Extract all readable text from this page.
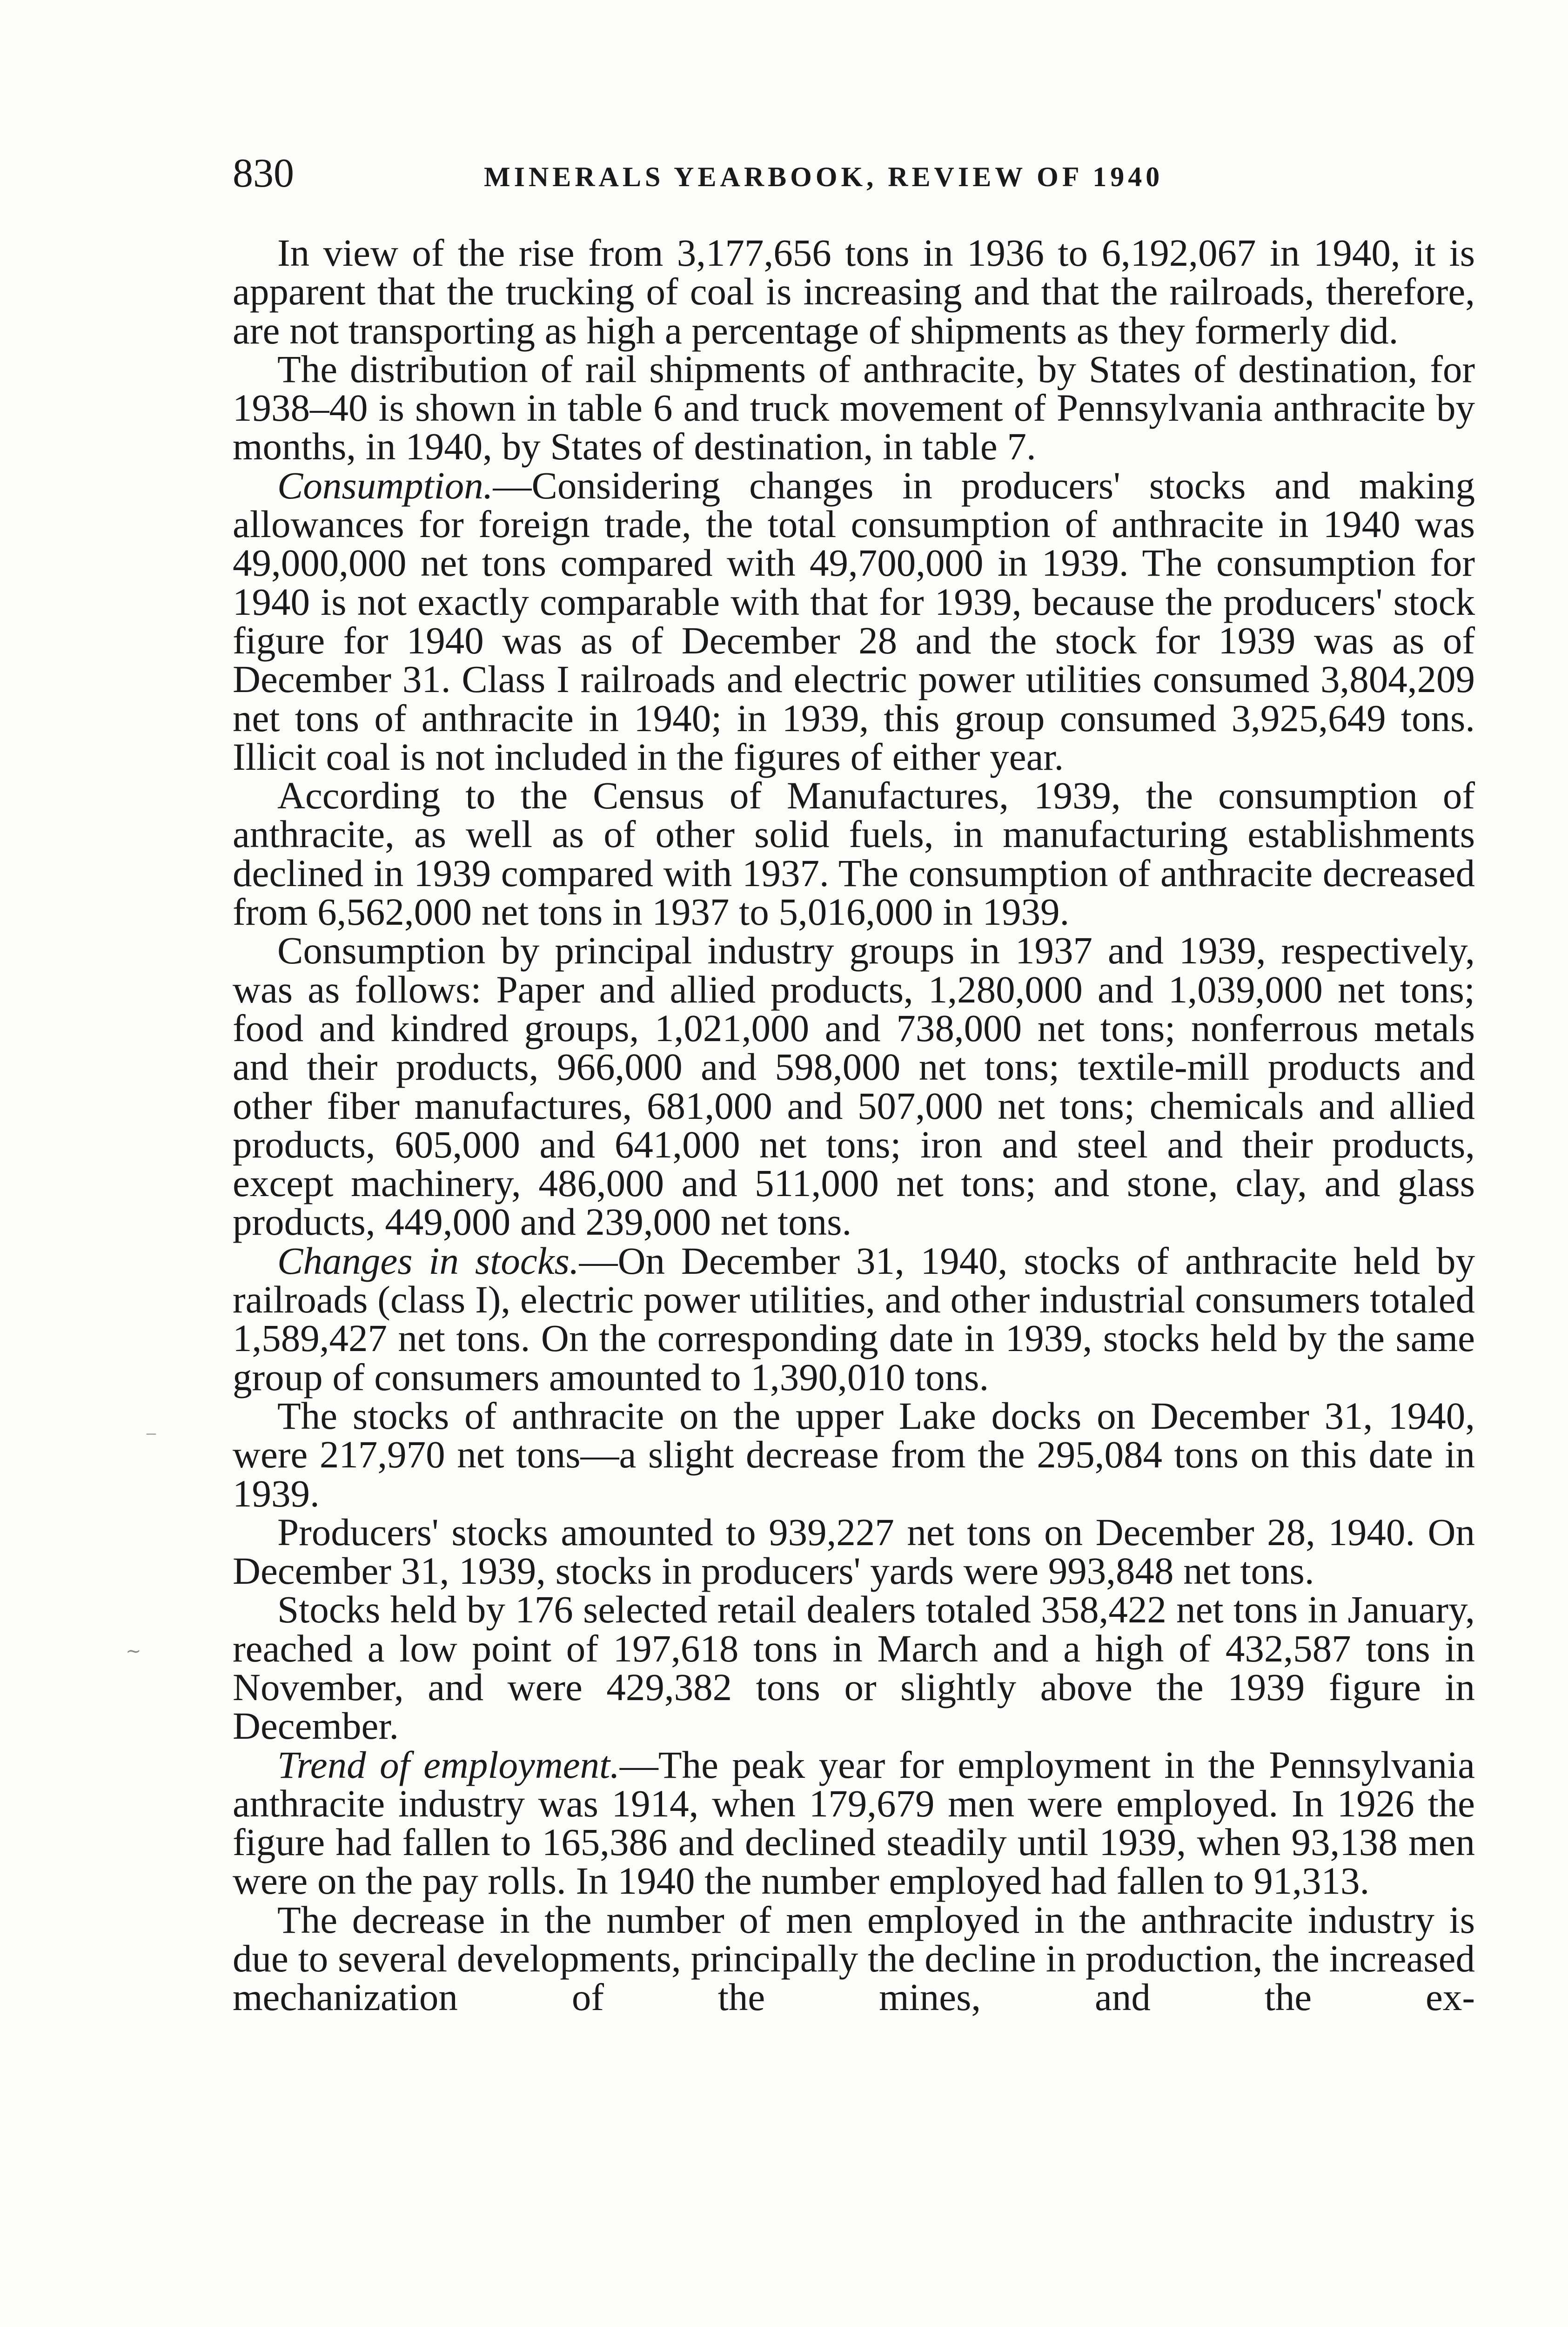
830	MINERALS YEARBOOK, REVIEW OF 1940
–
∼

In view of the rise from 3,177,656 tons in 1936 to 6,192,067 in 1940, it is apparent that the trucking of coal is increasing and that the railroads, therefore, are not transporting as high a percentage of shipments as they formerly did.

The distribution of rail shipments of anthracite, by States of destination, for 1938–40 is shown in table 6 and truck movement of Pennsylvania anthracite by months, in 1940, by States of destination, in table 7.

Consumption.—Considering changes in producers' stocks and making allowances for foreign trade, the total consumption of anthracite in 1940 was 49,000,000 net tons compared with 49,700,000 in 1939. The consumption for 1940 is not exactly comparable with that for 1939, because the producers' stock figure for 1940 was as of December 28 and the stock for 1939 was as of December 31. Class I railroads and electric power utilities consumed 3,804,209 net tons of anthracite in 1940; in 1939, this group consumed 3,925,649 tons. Illicit coal is not included in the figures of either year.

According to the Census of Manufactures, 1939, the consumption of anthracite, as well as of other solid fuels, in manufacturing establishments declined in 1939 compared with 1937. The consumption of anthracite decreased from 6,562,000 net tons in 1937 to 5,016,000 in 1939.

Consumption by principal industry groups in 1937 and 1939, respectively, was as follows: Paper and allied products, 1,280,000 and 1,039,000 net tons; food and kindred groups, 1,021,000 and 738,000 net tons; nonferrous metals and their products, 966,000 and 598,000 net tons; textile-mill products and other fiber manufactures, 681,000 and 507,000 net tons; chemicals and allied products, 605,000 and 641,000 net tons; iron and steel and their products, except machinery, 486,000 and 511,000 net tons; and stone, clay, and glass products, 449,000 and 239,000 net tons.

Changes in stocks.—On December 31, 1940, stocks of anthracite held by railroads (class I), electric power utilities, and other industrial consumers totaled 1,589,427 net tons. On the corresponding date in 1939, stocks held by the same group of consumers amounted to 1,390,010 tons.

The stocks of anthracite on the upper Lake docks on December 31, 1940, were 217,970 net tons—a slight decrease from the 295,084 tons on this date in 1939.

Producers' stocks amounted to 939,227 net tons on December 28, 1940. On December 31, 1939, stocks in producers' yards were 993,848 net tons.

Stocks held by 176 selected retail dealers totaled 358,422 net tons in January, reached a low point of 197,618 tons in March and a high of 432,587 tons in November, and were 429,382 tons or slightly above the 1939 figure in December.

Trend of employment.—The peak year for employment in the Pennsylvania anthracite industry was 1914, when 179,679 men were employed. In 1926 the figure had fallen to 165,386 and declined steadily until 1939, when 93,138 men were on the pay rolls. In 1940 the number employed had fallen to 91,313.

The decrease in the number of men employed in the anthracite industry is due to several developments, principally the decline in production, the increased mechanization of the mines, and the ex-
